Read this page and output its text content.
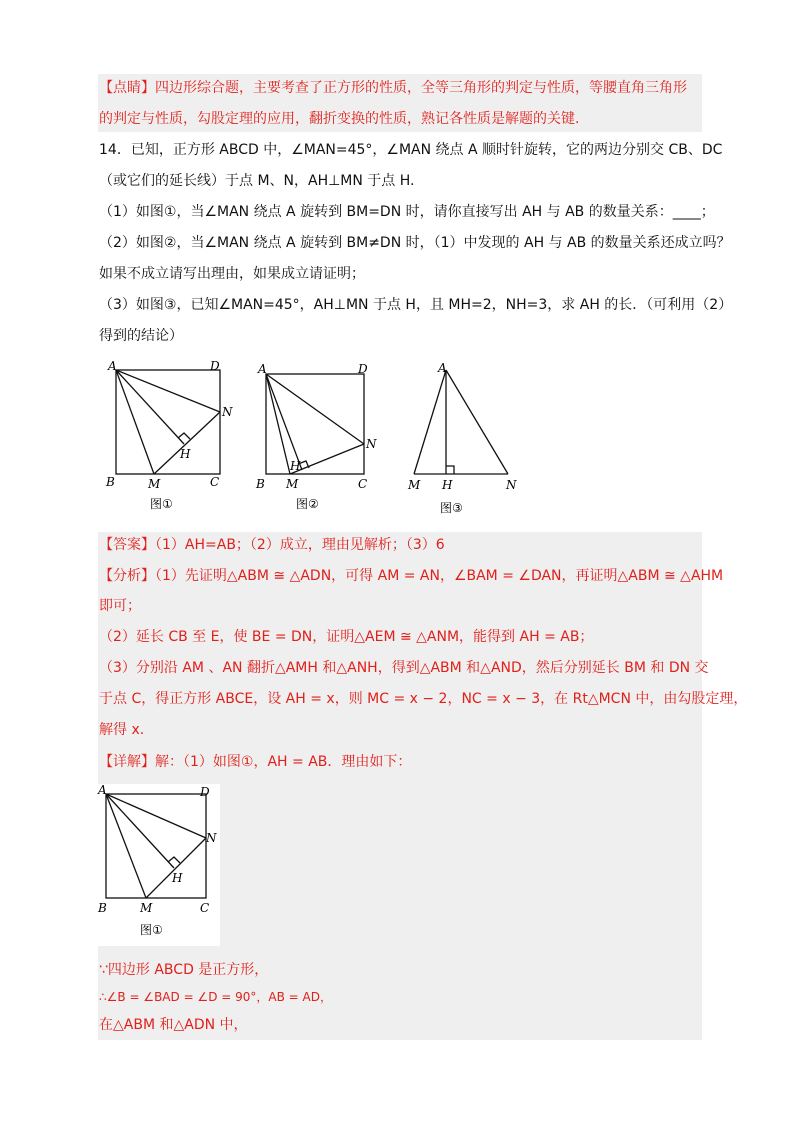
【点睛】四边形综合题，主要考查了正方形的性质，全等三角形的判定与性质，等腰直角三角形
的判定与性质，勾股定理的应用，翻折变换的性质，熟记各性质是解题的关键.
14．已知，正方形 ABCD 中，∠MAN=45°，∠MAN 绕点 A 顺时针旋转，它的两边分别交 CB、DC
（或它们的延长线）于点 M、N，AH⊥MN 于点 H.
（1）如图①，当∠MAN 绕点 A 旋转到 BM=DN 时，请你直接写出 AH 与 AB 的数量关系：____；
（2）如图②，当∠MAN 绕点 A 旋转到 BM≠DN 时，（1）中发现的 AH 与 AB 的数量关系还成立吗？
如果不成立请写出理由，如果成立请证明；
（3）如图③，已知∠MAN=45°，AH⊥MN 于点 H，且 MH=2，NH=3，求 AH 的长．（可利用（2）
得到的结论）
A	D
B	C
M
N
H
图①
A	D
B	C
M
N
H
图②
A
M H	N
图③
【答案】（1）AH=AB；（2）成立，理由见解析；（3）6
【分析】（1）先证明△ABM ≅ △ADN，可得 AM = AN，∠BAM = ∠DAN，再证明△ABM ≅ △AHM
即可；
（2）延长 CB 至 E，使 BE = DN，证明△AEM ≅ △ANM，能得到 AH = AB；
（3）分别沿 AM 、AN 翻折△AMH 和△ANH，得到△ABM 和△AND，然后分别延长 BM 和 DN 交
于点 C，得正方形 ABCE，设 AH = x，则 MC = x − 2，NC = x − 3，在 Rt△MCN 中，由勾股定理，
解得 x.
【详解】解：（1）如图①，AH = AB．理由如下：
A	D
B	C
M
N
H
图①
∵四边形 ABCD 是正方形，
∴∠B = ∠BAD = ∠D = 90°，AB = AD，
在△ABM 和△ADN 中，
